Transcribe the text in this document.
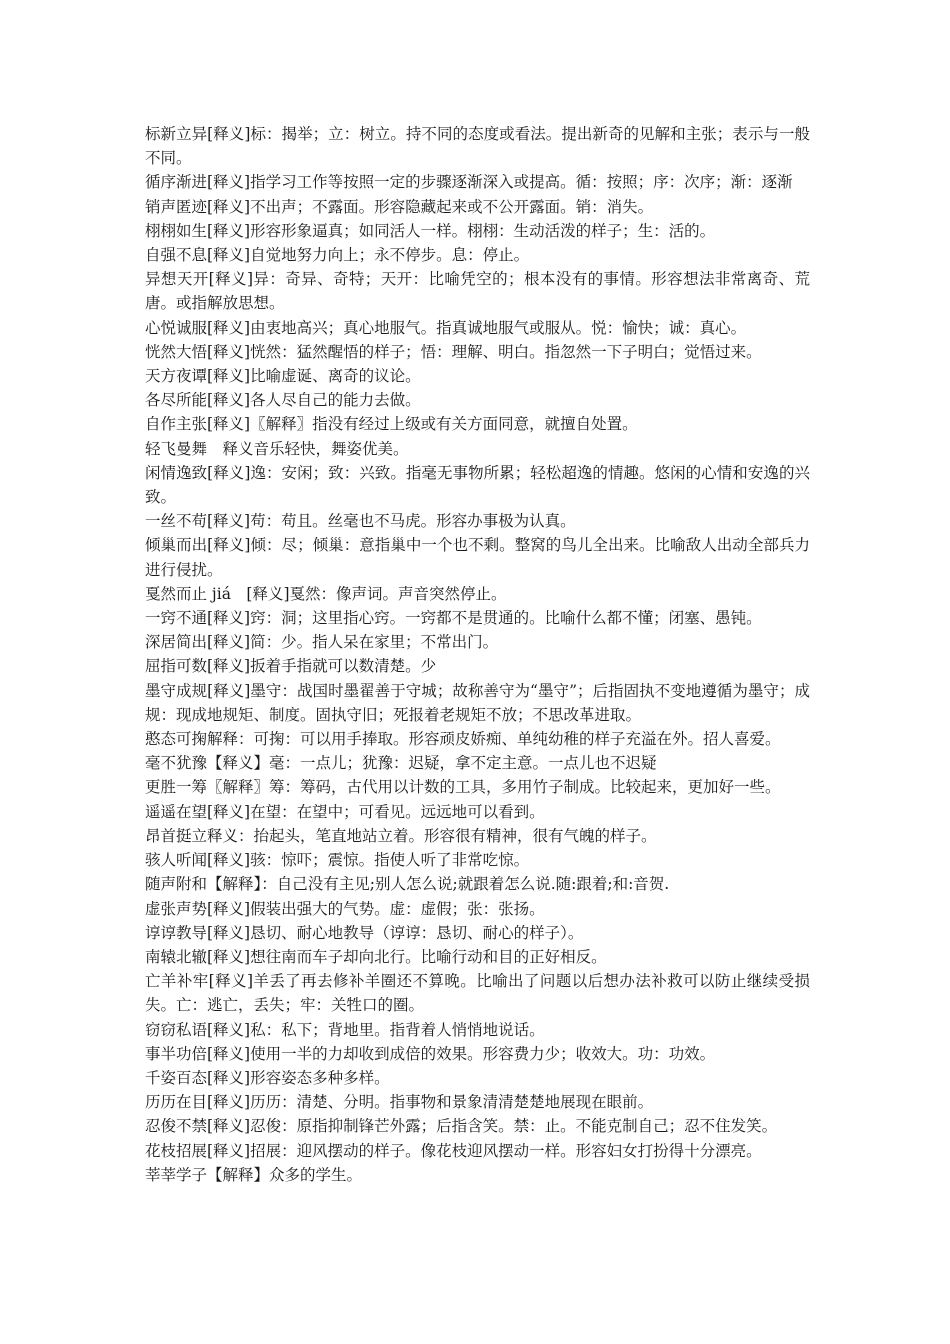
标新立异[释义]标：揭举；立：树立。持不同的态度或看法。提出新奇的见解和主张；表示与一般不同。

循序渐进[释义]指学习工作等按照一定的步骤逐渐深入或提高。循：按照；序：次序；渐：逐渐

销声匿迹[释义]不出声；不露面。形容隐藏起来或不公开露面。销：消失。

栩栩如生[释义]形容形象逼真；如同活人一样。栩栩：生动活泼的样子；生：活的。

自强不息[释义]自觉地努力向上；永不停步。息：停止。

异想天开[释义]异：奇异、奇特；天开：比喻凭空的；根本没有的事情。形容想法非常离奇、荒唐。或指解放思想。

心悦诚服[释义]由衷地高兴；真心地服气。指真诚地服气或服从。悦：愉快；诚：真心。

恍然大悟[释义]恍然：猛然醒悟的样子；悟：理解、明白。指忽然一下子明白；觉悟过来。

天方夜谭[释义]比喻虚诞、离奇的议论。

各尽所能[释义]各人尽自己的能力去做。

自作主张[释义]〖解释〗指没有经过上级或有关方面同意，就擅自处置。

轻飞曼舞　释义音乐轻快，舞姿优美。

闲情逸致[释义]逸：安闲；致：兴致。指毫无事物所累；轻松超逸的情趣。悠闲的心情和安逸的兴致。

一丝不苟[释义]苟：苟且。丝毫也不马虎。形容办事极为认真。

倾巢而出[释义]倾：尽；倾巢：意指巢中一个也不剩。整窝的鸟儿全出来。比喻敌人出动全部兵力进行侵扰。

戛然而止 jiá　[释义]戛然：像声词。声音突然停止。

一窍不通[释义]窍：洞；这里指心窍。一窍都不是贯通的。比喻什么都不懂；闭塞、愚钝。

深居简出[释义]简：少。指人呆在家里；不常出门。

屈指可数[释义]扳着手指就可以数清楚。少

墨守成规[释义]墨守：战国时墨翟善于守城；故称善守为“墨守”；后指固执不变地遵循为墨守；成规：现成地规矩、制度。固执守旧；死报着老规矩不放；不思改革进取。

憨态可掬解释：可掬：可以用手捧取。形容顽皮娇痴、单纯幼稚的样子充溢在外。招人喜爱。

毫不犹豫【释义】毫：一点儿；犹豫：迟疑，拿不定主意。一点儿也不迟疑

更胜一筹〖解释〗筹：筹码，古代用以计数的工具，多用竹子制成。比较起来，更加好一些。

遥遥在望[释义]在望：在望中；可看见。远远地可以看到。

昂首挺立释义：抬起头，笔直地站立着。形容很有精神，很有气魄的样子。

骇人听闻[释义]骇：惊吓；震惊。指使人听了非常吃惊。

随声附和【解释】：自己没有主见;别人怎么说;就跟着怎么说.随:跟着;和:音贺.

虚张声势[释义]假装出强大的气势。虚：虚假；张：张扬。

谆谆教导[释义]恳切、耐心地教导（谆谆：恳切、耐心的样子）。

南辕北辙[释义]想往南而车子却向北行。比喻行动和目的正好相反。

亡羊补牢[释义]羊丢了再去修补羊圈还不算晚。比喻出了问题以后想办法补救可以防止继续受损失。亡：逃亡，丢失；牢：关牲口的圈。

窃窃私语[释义]私：私下；背地里。指背着人悄悄地说话。

事半功倍[释义]使用一半的力却收到成倍的效果。形容费力少；收效大。功：功效。

千姿百态[释义]形容姿态多种多样。

历历在目[释义]历历：清楚、分明。指事物和景象清清楚楚地展现在眼前。

忍俊不禁[释义]忍俊：原指抑制锋芒外露；后指含笑。禁：止。不能克制自己；忍不住发笑。

花枝招展[释义]招展：迎风摆动的样子。像花枝迎风摆动一样。形容妇女打扮得十分漂亮。

莘莘学子【解释】众多的学生。
